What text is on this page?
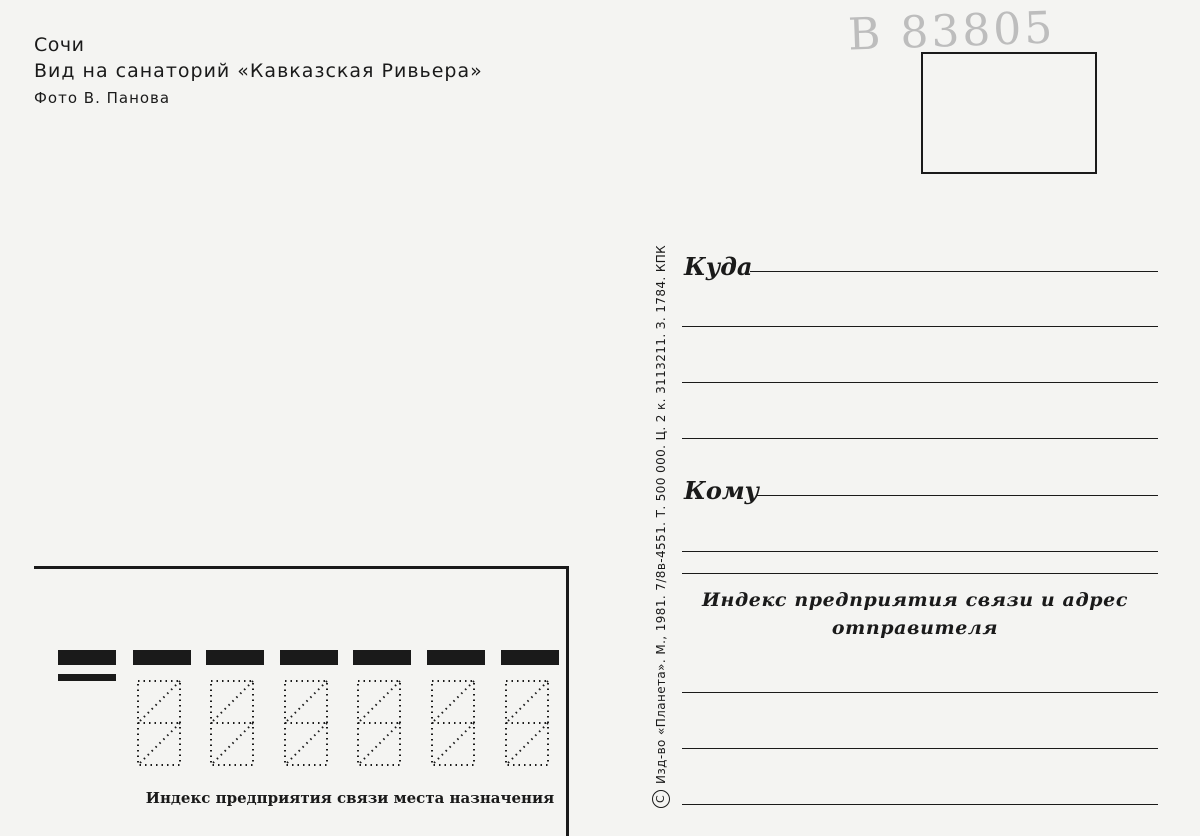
Сочи
Вид на санаторий «Кавказская Ривьера»
Фото В. Панова
B 83805
C
Изд-во «Планета». М., 1981. 7/8в-4551. Т. 500 000. Ц. 2 к. 3113211. З. 1784. КПК Куда
Кому
Индекс предприятия связи и адрес
отправителя
Индекс предприятия связи места назначения
